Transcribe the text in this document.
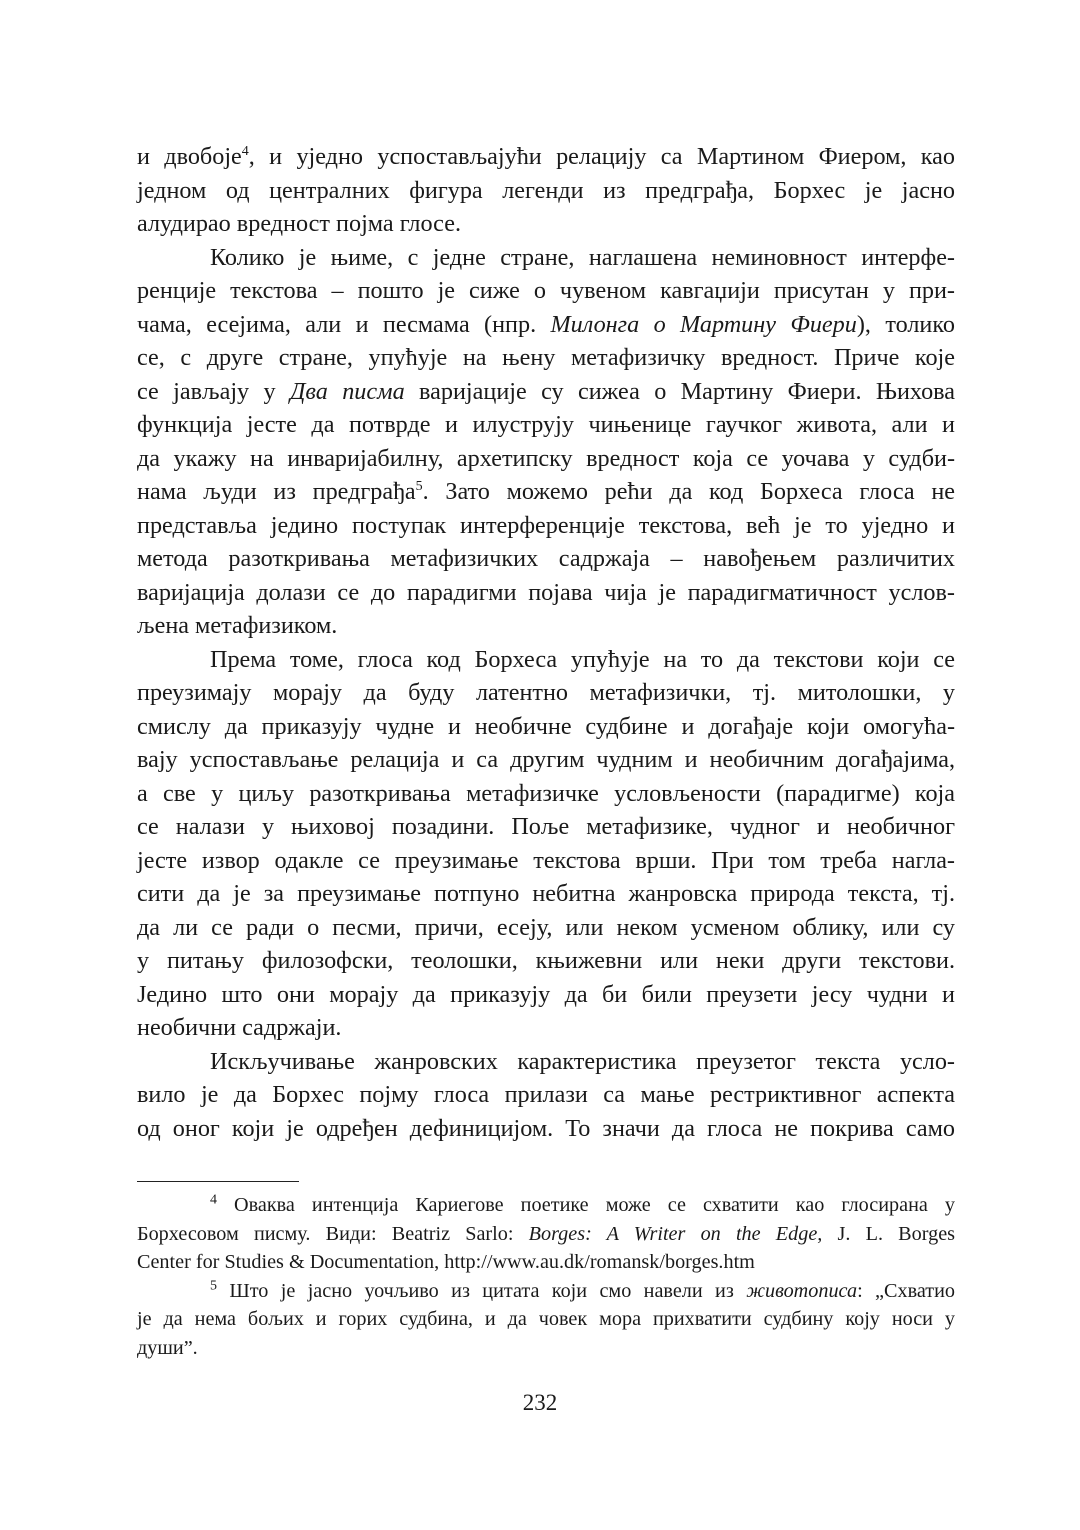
и двобоје$^4$, и уједно успостављајући релацију са Мартином Фиером, као
једном од централних фигура легенди из предграђа, Борхес је јасно
алудирао вредност појма глосе.

Колико је њиме, с једне стране, наглашена неминовност интерфе-
ренције текстова – пошто је сиже о чувеном кавгаџији присутан у при-
чама, есејима, али и песмама (нпр. Милонга о Мартину Фиери), толико
се, с друге стране, упућује на њену метафизичку вредност. Приче које
се јављају у Два писма варијације су сижеа о Мартину Фиери. Њихова
функција јесте да потврде и илуструју чињенице гаучког живота, али и
да укажу на инваријабилну, архетипску вредност која се уочава у судби-
нама људи из предграђа$^5$. Зато можемо рећи да код Борхеса глоса не
представља једино поступак интерференције текстова, већ је то уједно и
метода разоткривања метафизичких садржаја – навођењем различитих
варијација долази се до парадигми појава чија је парадигматичност услов-
љена метафизиком.

Према томе, глоса код Борхеса упућује на то да текстови који се
преузимају морају да буду латентно метафизички, тј. митолошки, у
смислу да приказују чудне и необичне судбине и догађаје који омогућа-
вају успостављање релација и са другим чудним и необичним догађајима,
а све у циљу разоткривања метафизичке условљености (парадигме) која
се налази у њиховој позадини. Поље метафизике, чудног и необичног
јесте извор одакле се преузимање текстова врши. При том треба нагла-
сити да је за преузимање потпуно небитна жанровска природа текста, тј.
да ли се ради о песми, причи, есеју, или неком усменом облику, или су
у питању филозофски, теолошки, књижевни или неки други текстови.
Једино што они морају да приказују да би били преузети јесу чудни и
необични садржаји.

Искључивање жанровских карактеристика преузетог текста усло-
вило је да Борхес појму глоса прилази са мање рестриктивног аспекта
од оног који је одређен дефиницијом. То значи да глоса не покрива само

$^4$ Оваква интенција Кариегове поетике може се схватити као глосирана у
Борхесовом писму. Види: Beatriz Sarlo: Borges: A Writer on the Edge, J. L. Borges
Center for Studies & Documentation, http://www.au.dk/romansk/borges.htm
$^5$ Што је јасно уочљиво из цитата који смо навели из животописа: „Схватио
је да нема бољих и горих судбина, и да човек мора прихватити судбину коју носи у
души”.
232
